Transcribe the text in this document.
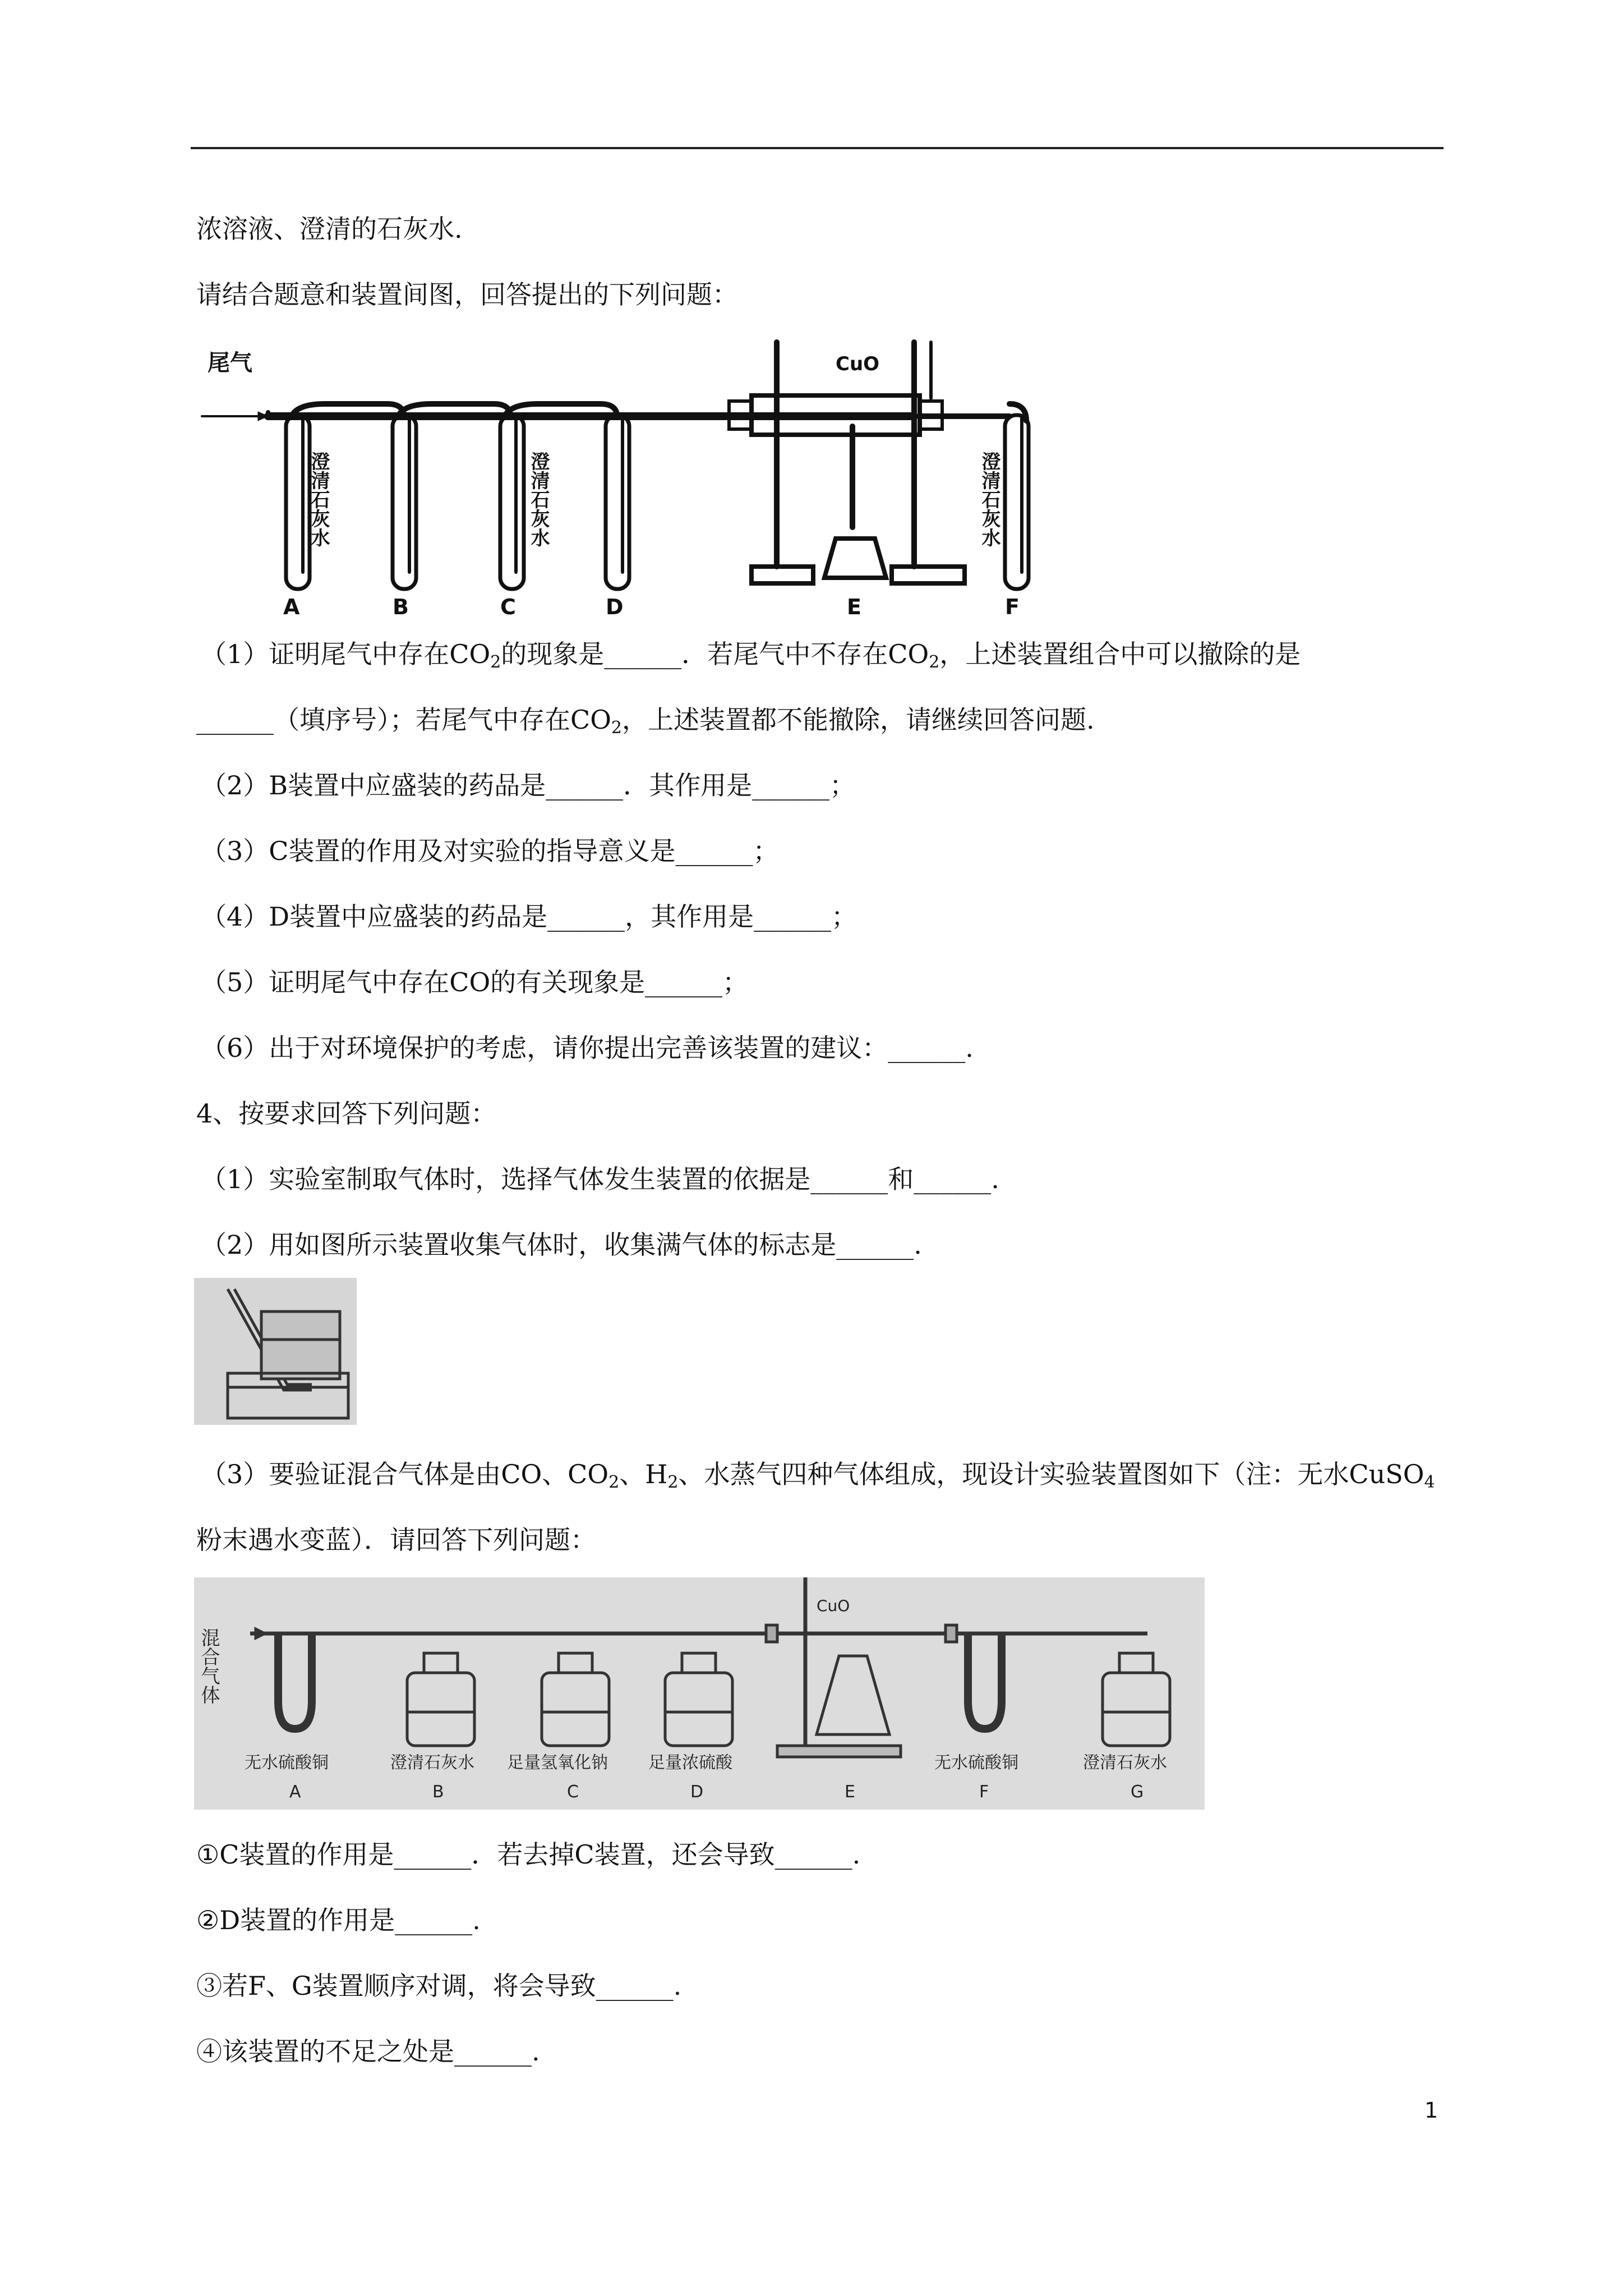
浓溶液、澄清的石灰水.
请结合题意和装置间图，回答提出的下列问题：
尾气	CuO
澄清石灰水	澄清石灰水	澄清石灰水
A	B	C	D	E	F
（1）证明尾气中存在$CO_2$的现象是______．若尾气中不存在$CO_2$，上述装置组合中可以撤除的是
______（填序号）；若尾气中存在$CO_2$，上述装置都不能撤除，请继续回答问题.
（2）B装置中应盛装的药品是______．其作用是______；
（3）C装置的作用及对实验的指导意义是______；
（4）D装置中应盛装的药品是______，其作用是______；
（5）证明尾气中存在CO的有关现象是______；
（6）出于对环境保护的考虑，请你提出完善该装置的建议：______.
4、按要求回答下列问题：
（1）实验室制取气体时，选择气体发生装置的依据是______和______.
（2）用如图所示装置收集气体时，收集满气体的标志是______.
（3）要验证混合气体是由CO、$CO_2$、$H_2$、水蒸气四种气体组成，现设计实验装置图如下（注：无水CuSO$_4$
粉末遇水变蓝）．请回答下列问题：
混合气体
CuO
无水硫酸铜	澄清石灰水 足量氢氧化钠 足量浓硫酸	无水硫酸铜	澄清石灰水
A	B	C	D	E	F	G
①C装置的作用是______．若去掉C装置，还会导致______.
②D装置的作用是______.
③若F、G装置顺序对调，将会导致______.
④该装置的不足之处是______.
1
